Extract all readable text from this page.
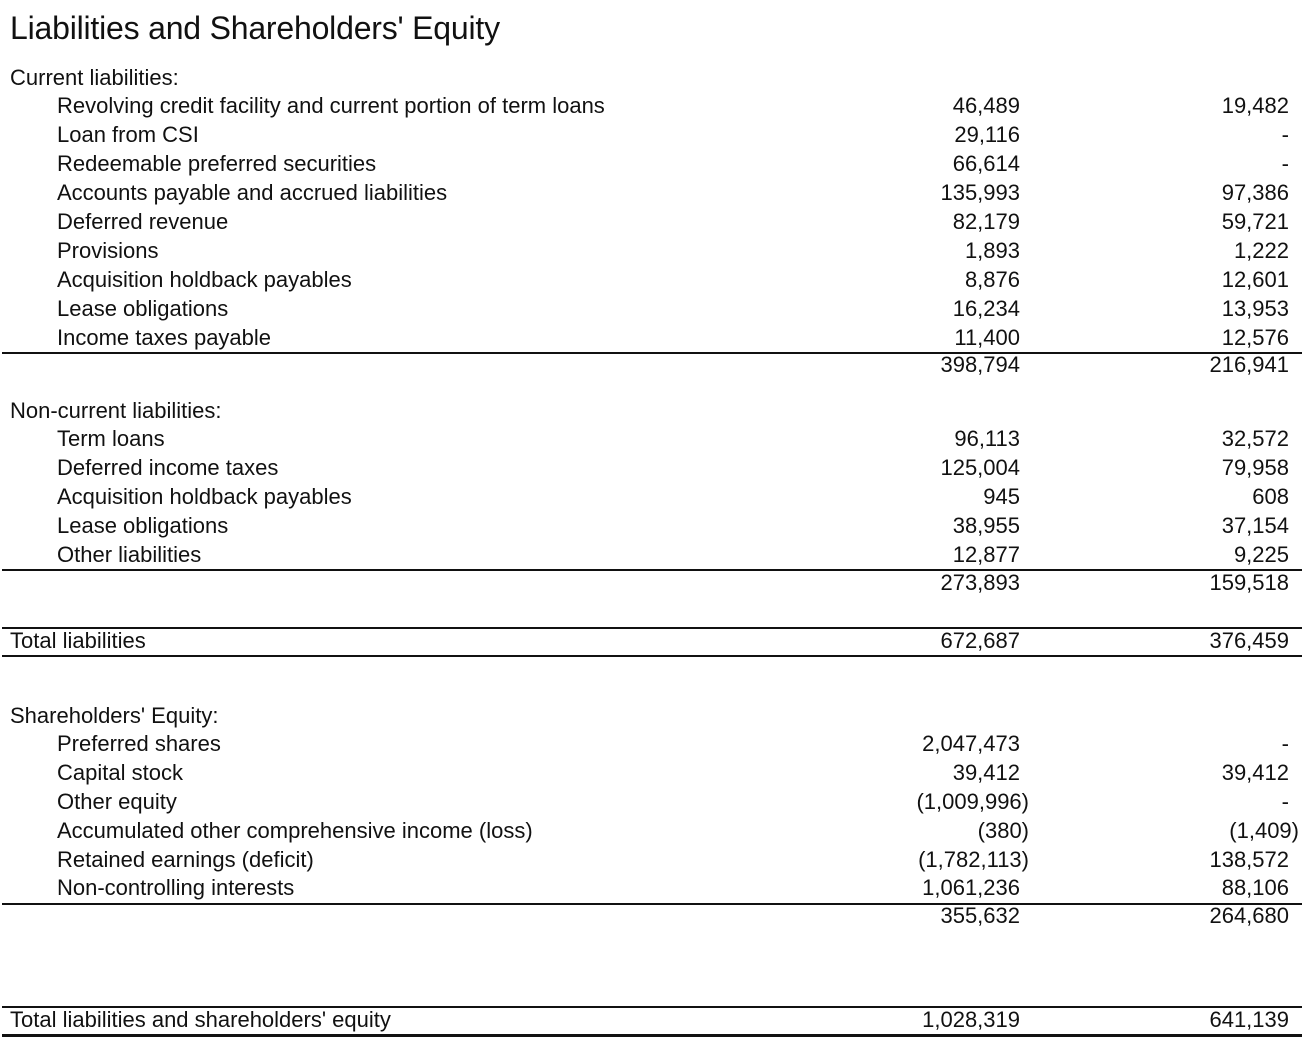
Liabilities and Shareholders' Equity
Current liabilities:
Revolving credit facility and current portion of term loans	46,489	19,482
Loan from CSI	29,116	-
Redeemable preferred securities	66,614	-
Accounts payable and accrued liabilities	135,993	97,386
Deferred revenue	82,179	59,721
Provisions	1,893	1,222
Acquisition holdback payables	8,876	12,601
Lease obligations	16,234	13,953
Income taxes payable	11,400	12,576
398,794	216,941
Non-current liabilities:
Term loans	96,113	32,572
Deferred income taxes	125,004	79,958
Acquisition holdback payables	945	608
Lease obligations	38,955	37,154
Other liabilities	12,877	9,225
273,893	159,518
Total liabilities	672,687	376,459
Shareholders' Equity:
Preferred shares	2,047,473	-
Capital stock	39,412	39,412
Other equity	(1,009,996)	-
Accumulated other comprehensive income (loss)	(380)	(1,409)
Retained earnings (deficit)	(1,782,113)	138,572
Non-controlling interests	1,061,236	88,106
355,632	264,680
Total liabilities and shareholders' equity	1,028,319	641,139
